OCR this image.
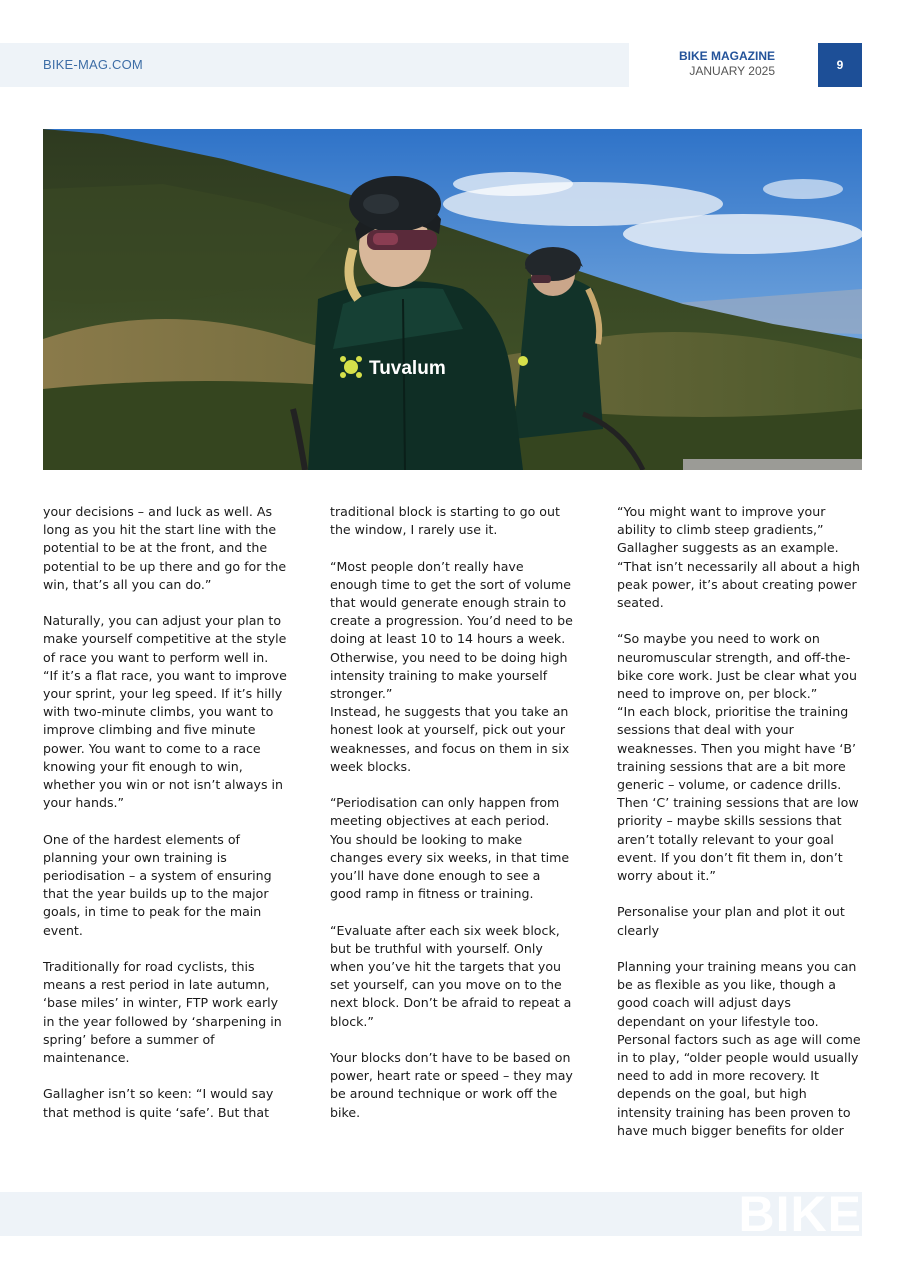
BIKE-MAG.COM
BIKE MAGAZINE
JANUARY 2025	9
Tuvalum

your decisions – and luck as well. As long as you hit the start line with the potential to be at the front, and the potential to be up there and go for the win, that’s all you can do.”

Naturally, you can adjust your plan to make yourself competitive at the style of race you want to perform well in.
“If it’s a flat race, you want to improve your sprint, your leg speed. If it’s hilly with two-minute climbs, you want to improve climbing and five minute power. You want to come to a race knowing your fit enough to win, whether you win or not isn’t always in your hands.”

One of the hardest elements of planning your own training is periodisation – a system of ensuring that the year builds up to the major goals, in time to peak for the main event.

Traditionally for road cyclists, this means a rest period in late autumn, ‘base miles’ in winter, FTP work early in the year followed by ‘sharpening in spring’ before a summer of maintenance.

Gallagher isn’t so keen: “I would say that method is quite ‘safe’. But that

traditional block is starting to go out the window, I rarely use it.

“Most people don’t really have enough time to get the sort of volume that would generate enough strain to create a progression. You’d need to be doing at least 10 to 14 hours a week. Otherwise, you need to be doing high intensity training to make yourself stronger.”
Instead, he suggests that you take an honest look at yourself, pick out your weaknesses, and focus on them in six week blocks.

“Periodisation can only happen from meeting objectives at each period. You should be looking to make changes every six weeks, in that time you’ll have done enough to see a good ramp in fitness or training.

“Evaluate after each six week block, but be truthful with yourself. Only when you’ve hit the targets that you set yourself, can you move on to the next block. Don’t be afraid to repeat a block.”

Your blocks don’t have to be based on power, heart rate or speed – they may be around technique or work off the bike.

“You might want to improve your ability to climb steep gradients,” Gallagher suggests as an example. “That isn’t necessarily all about a high peak power, it’s about creating power seated.

“So maybe you need to work on neuromuscular strength, and off-the-bike core work. Just be clear what you need to improve on, per block.”
“In each block, prioritise the training sessions that deal with your weaknesses. Then you might have ‘B’ training sessions that are a bit more generic – volume, or cadence drills. Then ‘C’ training sessions that are low priority – maybe skills sessions that aren’t totally relevant to your goal event. If you don’t fit them in, don’t worry about it.”

Personalise your plan and plot it out clearly

Planning your training means you can be as flexible as you like, though a good coach will adjust days dependant on your lifestyle too. Personal factors such as age will come in to play, “older people would usually need to add in more recovery. It depends on the goal, but high intensity training has been proven to have much bigger benefits for older

BIKE
